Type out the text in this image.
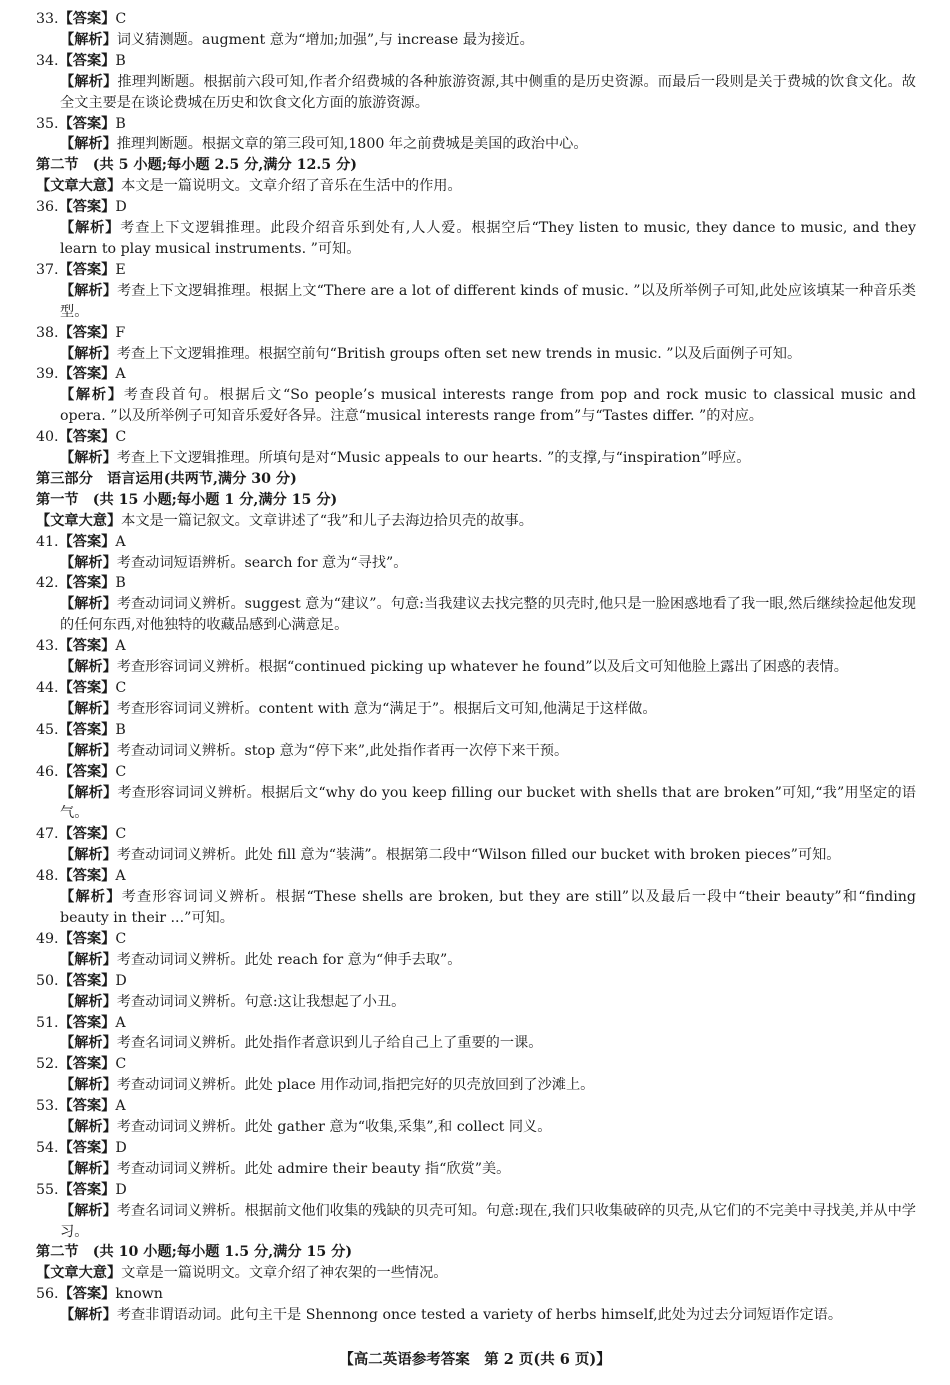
33.【答案】C
【解析】词义猜测题。augment 意为“增加;加强”,与 increase 最为接近。
34.【答案】B
【解析】推理判断题。根据前六段可知,作者介绍费城的各种旅游资源,其中侧重的是历史资源。而最后一段则是关于费城的饮食文化。故全文主要是在谈论费城在历史和饮食文化方面的旅游资源。
35.【答案】B
【解析】推理判断题。根据文章的第三段可知,1800 年之前费城是美国的政治中心。
第二节　(共 5 小题;每小题 2.5 分,满分 12.5 分)
【文章大意】本文是一篇说明文。文章介绍了音乐在生活中的作用。
36.【答案】D
【解析】考查上下文逻辑推理。此段介绍音乐到处有,人人爱。根据空后“They listen to music, they dance to music, and they learn to play musical instruments. ”可知。
37.【答案】E
【解析】考查上下文逻辑推理。根据上文“There are a lot of different kinds of music. ”以及所举例子可知,此处应该填某一种音乐类型。
38.【答案】F
【解析】考查上下文逻辑推理。根据空前句“British groups often set new trends in music. ”以及后面例子可知。
39.【答案】A
【解析】考查段首句。根据后文“So people’s musical interests range from pop and rock music to classical music and opera. ”以及所举例子可知音乐爱好各异。注意“musical interests range from”与“Tastes differ. ”的对应。
40.【答案】C
【解析】考查上下文逻辑推理。所填句是对“Music appeals to our hearts. ”的支撑,与“inspiration”呼应。
第三部分　语言运用(共两节,满分 30 分)
第一节　(共 15 小题;每小题 1 分,满分 15 分)
【文章大意】本文是一篇记叙文。文章讲述了“我”和儿子去海边拾贝壳的故事。
41.【答案】A
【解析】考查动词短语辨析。search for 意为“寻找”。
42.【答案】B
【解析】考查动词词义辨析。suggest 意为“建议”。句意:当我建议去找完整的贝壳时,他只是一脸困惑地看了我一眼,然后继续捡起他发现的任何东西,对他独特的收藏品感到心满意足。
43.【答案】A
【解析】考查形容词词义辨析。根据“continued picking up whatever he found”以及后文可知他脸上露出了困惑的表情。
44.【答案】C
【解析】考查形容词词义辨析。content with 意为“满足于”。根据后文可知,他满足于这样做。
45.【答案】B
【解析】考查动词词义辨析。stop 意为“停下来”,此处指作者再一次停下来干预。
46.【答案】C
【解析】考查形容词词义辨析。根据后文“why do you keep filling our bucket with shells that are broken”可知,“我”用坚定的语气。
47.【答案】C
【解析】考查动词词义辨析。此处 fill 意为“装满”。根据第二段中“Wilson filled our bucket with broken pieces”可知。
48.【答案】A
【解析】考查形容词词义辨析。根据“These shells are broken, but they are still”以及最后一段中“their beauty”和“finding beauty in their ...”可知。
49.【答案】C
【解析】考查动词词义辨析。此处 reach for 意为“伸手去取”。
50.【答案】D
【解析】考查动词词义辨析。句意:这让我想起了小丑。
51.【答案】A
【解析】考查名词词义辨析。此处指作者意识到儿子给自己上了重要的一课。
52.【答案】C
【解析】考查动词词义辨析。此处 place 用作动词,指把完好的贝壳放回到了沙滩上。
53.【答案】A
【解析】考查动词词义辨析。此处 gather 意为“收集,采集”,和 collect 同义。
54.【答案】D
【解析】考查动词词义辨析。此处 admire their beauty 指“欣赏”美。
55.【答案】D
【解析】考查名词词义辨析。根据前文他们收集的残缺的贝壳可知。句意:现在,我们只收集破碎的贝壳,从它们的不完美中寻找美,并从中学习。
第二节　(共 10 小题;每小题 1.5 分,满分 15 分)
【文章大意】文章是一篇说明文。文章介绍了神农架的一些情况。
56.【答案】known
【解析】考查非谓语动词。此句主干是 Shennong once tested a variety of herbs himself,此处为过去分词短语作定语。
【高二英语参考答案　第 2 页(共 6 页)】
